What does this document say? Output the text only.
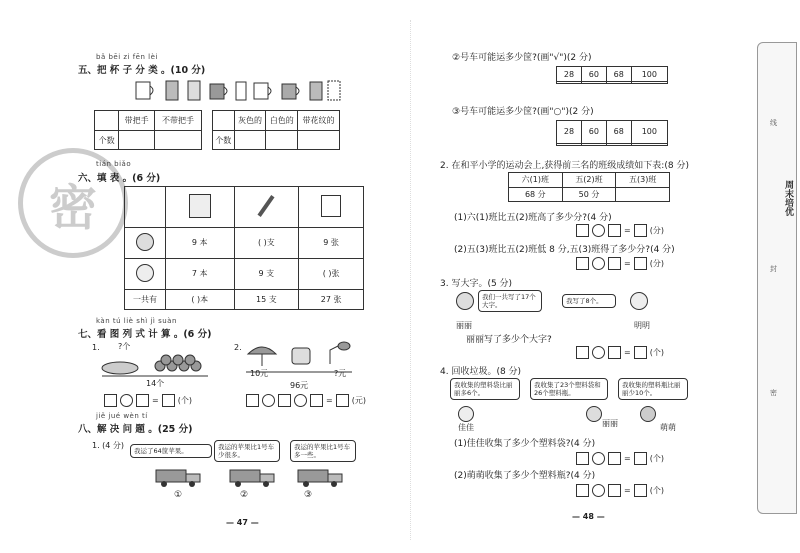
密
bǎ bēi zi fēn lèi
五、把 杯 子 分 类 。(10 分)
	带把手	不带把手
个数		
	灰色的	白色的	带花纹的
个数			
tián biǎo
六、填 表 。(6 分)

	9 本	( )支	9 张
	7 本	9 支	( )张
一共有	( )本	15 支	27 张
kàn tú liè shì jì suàn
七、看 图 列 式 计 算 。(6 分)
1. ?个
14个
= (个)
2.
10元	?元
96元
= (元)
jiě jué wèn tí
八、解 决 问 题 。(25 分)
1. (4 分)
我运了64筐苹果。	我运的苹果比1号车少很多。
我运的苹果比1号车多一些。
①	②	③
— 47 —
②号车可能运多少筐?(画"√")(2 分)
28	60	68	100

③号车可能运多少筐?(画"○")(2 分)
28	60	68	100

2. 在和平小学的运动会上,获得前三名的班级成绩如下表:(8 分)
六(1)班	五(2)班	五(3)班
68 分	50 分	
(1)六(1)班比五(2)班高了多少分?(4 分)
= (分)
(2)五(3)班比五(2)班低 8 分,五(3)班得了多少分?(4 分)
= (分)
3. 写大字。(5 分)
我们一共写了17个大字。	我写了8个。
丽丽	明明
丽丽写了多少个大字?
= (个)
4. 回收垃圾。(8 分)
我收集的塑料袋比丽丽多6个。
我收集了23个塑料袋和26个塑料瓶。
我收集的塑料瓶比丽丽少10个。
佳佳	丽丽	萌萌
(1)佳佳收集了多少个塑料袋?(4 分)
= (个)
(2)萌萌收集了多少个塑料瓶?(4 分)
= (个)
— 48 —
周末培优
线
封
密
